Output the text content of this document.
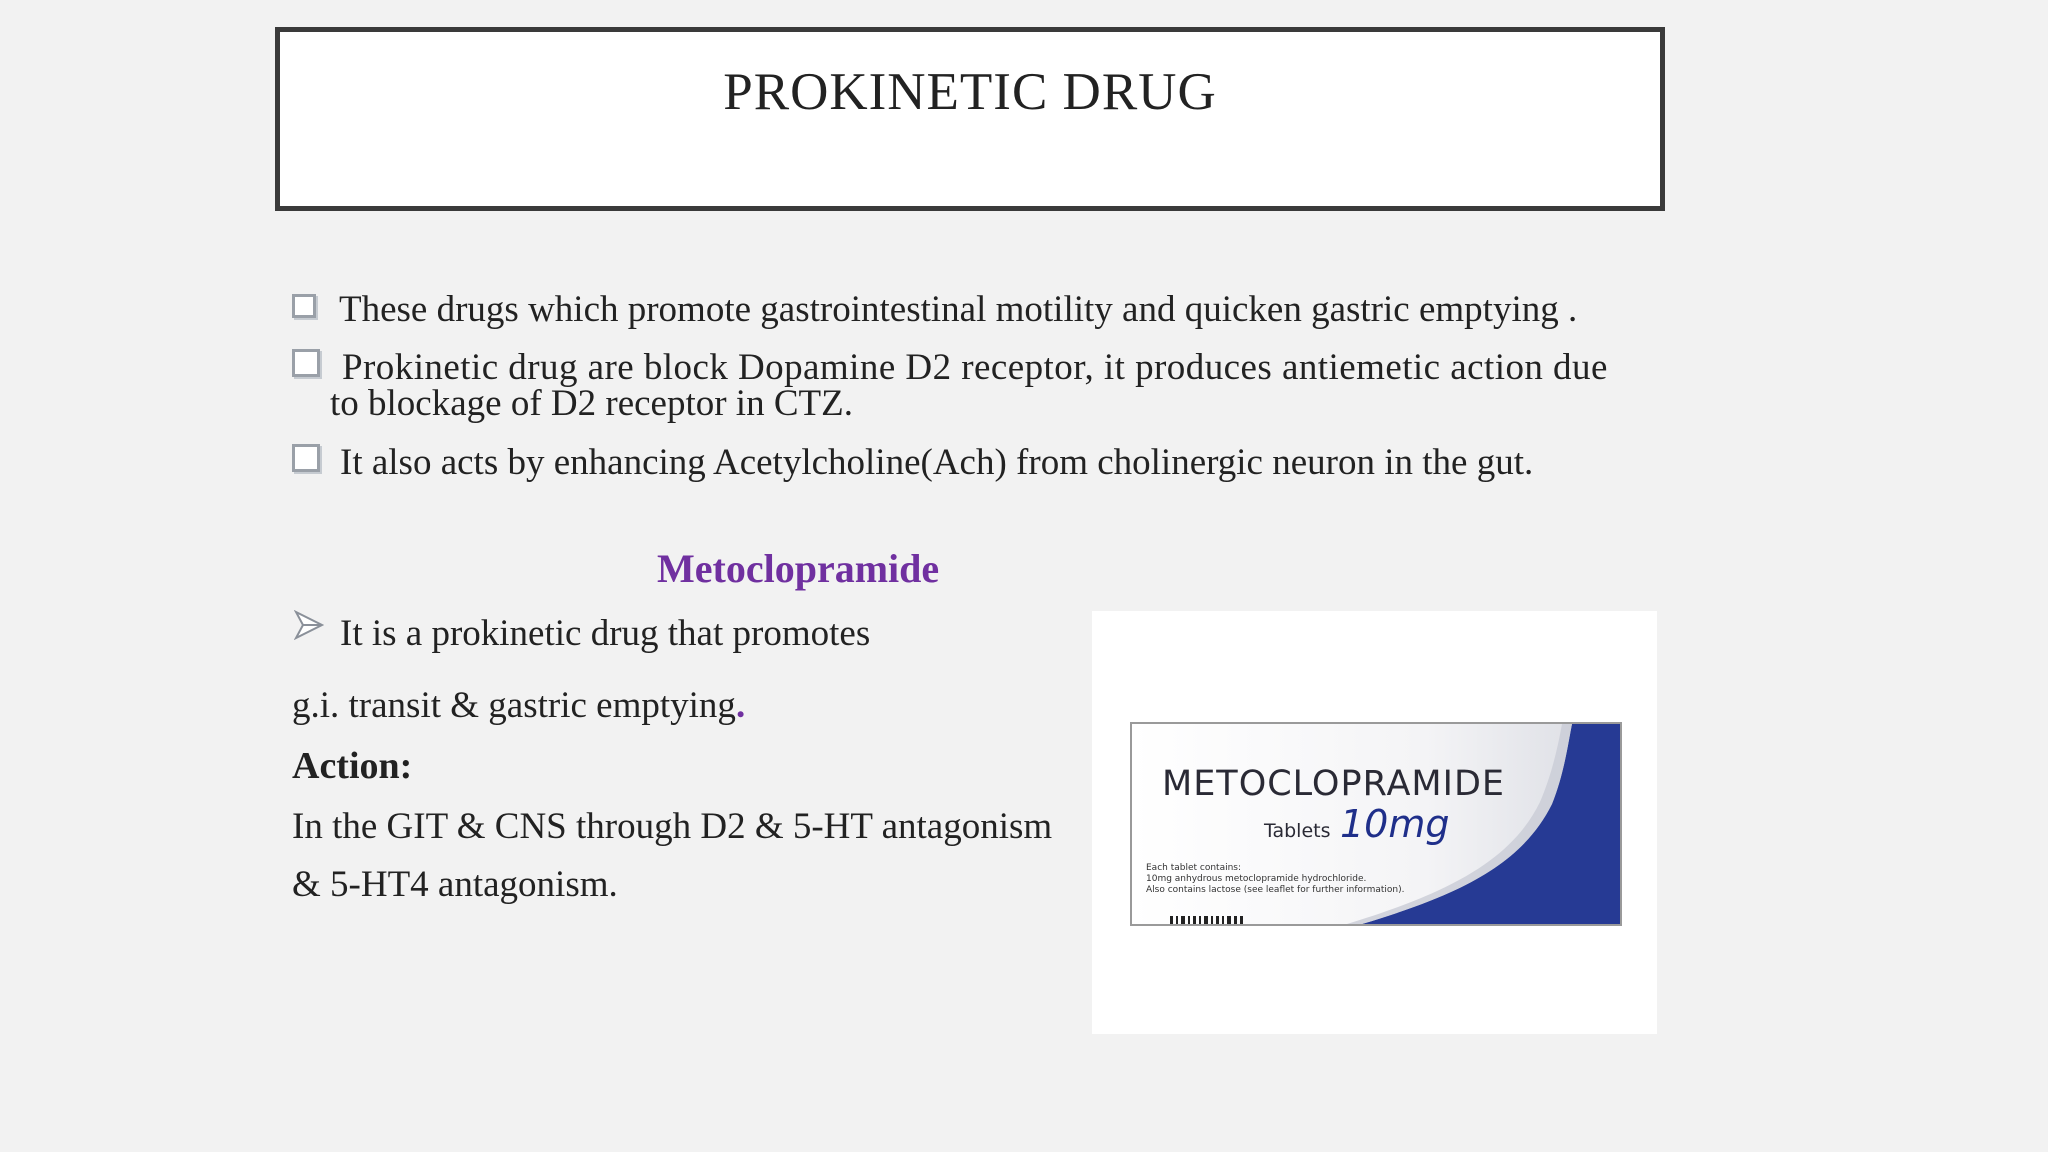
PROKINETIC DRUG
These drugs which promote gastrointestinal motility and quicken gastric emptying .
Prokinetic drug are block Dopamine D2 receptor, it produces antiemetic action due
to blockage of D2 receptor in CTZ.
It also acts by enhancing Acetylcholine(Ach) from cholinergic neuron in the gut.
Metoclopramide
It is a prokinetic drug that promotes
g.i. transit & gastric emptying.
Action:
In the GIT & CNS through D2 & 5-HT antagonism
& 5-HT4 antagonism.
METOCLOPRAMIDE
Tablets 10mg
Each tablet contains:
10mg anhydrous metoclopramide hydrochloride.
Also contains lactose (see leaflet for further information).
